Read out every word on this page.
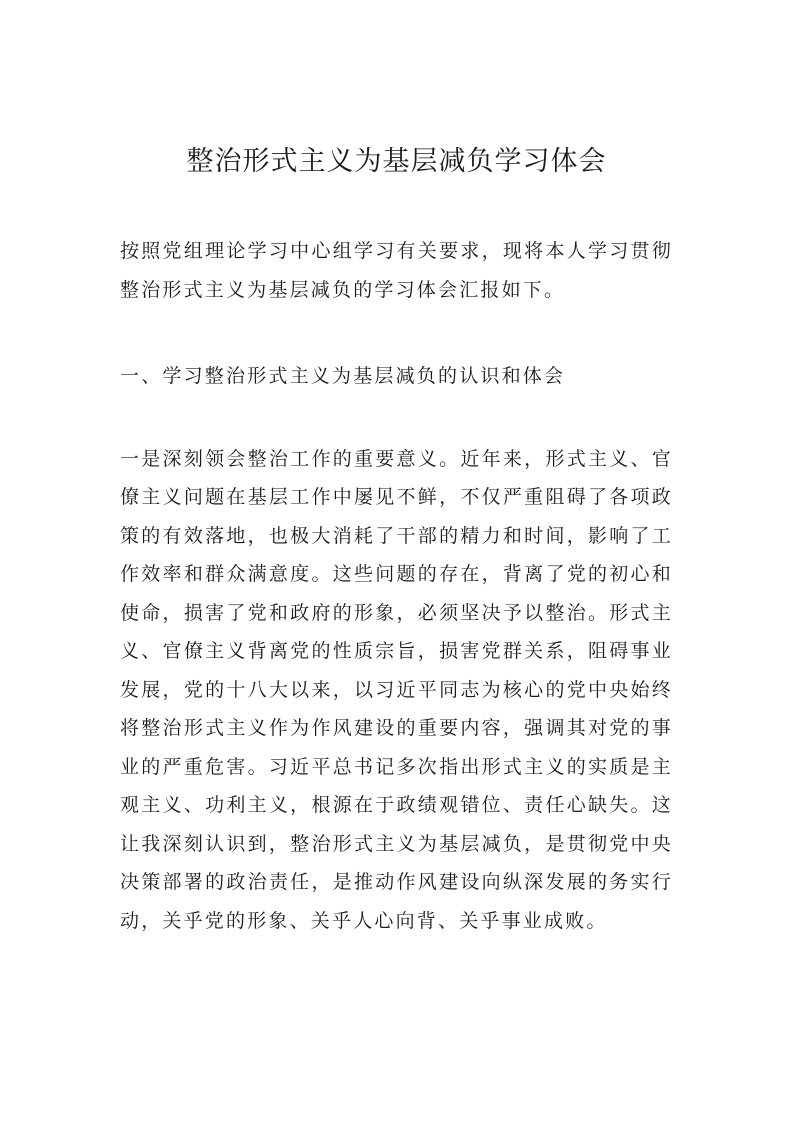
整治形式主义为基层减负学习体会

按照党组理论学习中心组学习有关要求，现将本人学习贯彻整治形式主义为基层减负的学习体会汇报如下。

一、学习整治形式主义为基层减负的认识和体会

一是深刻领会整治工作的重要意义。近年来，形式主义、官僚主义问题在基层工作中屡见不鲜，不仅严重阻碍了各项政策的有效落地，也极大消耗了干部的精力和时间，影响了工作效率和群众满意度。这些问题的存在，背离了党的初心和使命，损害了党和政府的形象，必须坚决予以整治。形式主义、官僚主义背离党的性质宗旨，损害党群关系，阻碍事业发展，党的十八大以来，以习近平同志为核心的党中央始终将整治形式主义作为作风建设的重要内容，强调其对党的事业的严重危害。习近平总书记多次指出形式主义的实质是主观主义、功利主义，根源在于政绩观错位、责任心缺失。这让我深刻认识到，整治形式主义为基层减负，是贯彻党中央决策部署的政治责任，是推动作风建设向纵深发展的务实行动，关乎党的形象、关乎人心向背、关乎事业成败。
